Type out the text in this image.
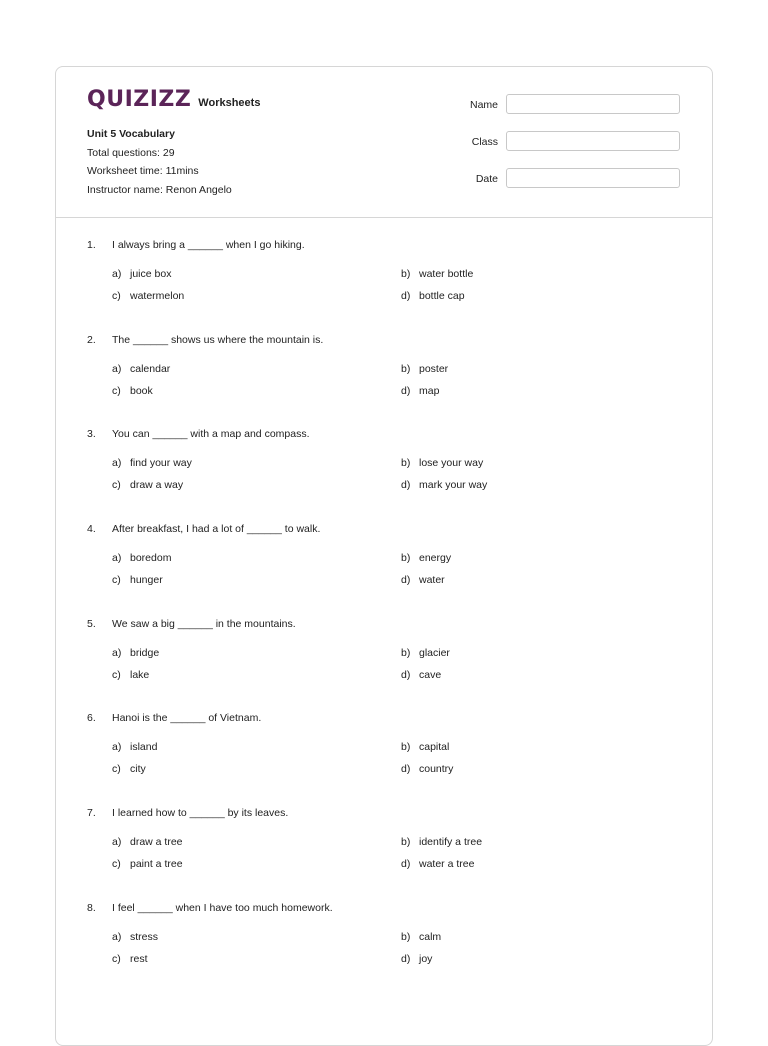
QUIZIZZ Worksheets
Unit 5 Vocabulary
Total questions: 29
Worksheet time: 11mins
Instructor name: Renon Angelo
Name
Class
Date
1. I always bring a ______ when I go hiking.
a) juice box	b) water bottle
c) watermelon	d) bottle cap
2. The ______ shows us where the mountain is.
a) calendar	b) poster
c) book	d) map
3. You can ______ with a map and compass.
a) find your way	b) lose your way
c) draw a way	d) mark your way
4. After breakfast, I had a lot of ______ to walk.
a) boredom	b) energy
c) hunger	d) water
5. We saw a big ______ in the mountains.
a) bridge	b) glacier
c) lake	d) cave
6. Hanoi is the ______ of Vietnam.
a) island	b) capital
c) city	d) country
7. I learned how to ______ by its leaves.
a) draw a tree	b) identify a tree
c) paint a tree	d) water a tree
8. I feel ______ when I have too much homework.
a) stress	b) calm
c) rest	d) joy
